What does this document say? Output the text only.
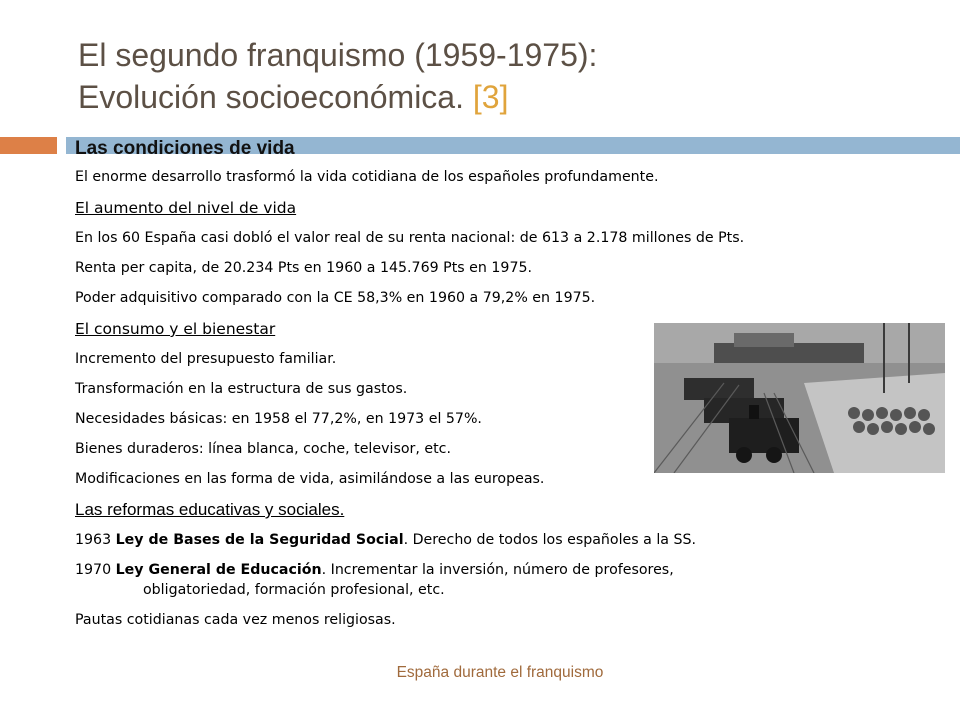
El segundo franquismo (1959-1975):
Evolución socioeconómica. [3]
Las condiciones de vida
El enorme desarrollo trasformó la vida cotidiana de los españoles profundamente.
El aumento del nivel de vida
En los 60 España casi dobló el valor real de su renta nacional: de 613 a 2.178 millones de Pts.
Renta per capita, de 20.234 Pts en 1960 a 145.769 Pts en 1975.
Poder adquisitivo comparado con la CE 58,3% en 1960 a 79,2% en 1975.
El consumo y el bienestar
Incremento del presupuesto familiar.
Transformación en la estructura de sus gastos.
Necesidades básicas: en 1958 el 77,2%, en 1973 el 57%.
Bienes duraderos: línea blanca, coche, televisor, etc.
Modificaciones en las forma de vida, asimilándose a las europeas.
Las reformas educativas y sociales.
1963 Ley de Bases de la Seguridad Social. Derecho de todos los españoles a la SS.
1970 Ley General de Educación. Incrementar la inversión, número de profesores,
obligatoriedad, formación profesional, etc.
Pautas cotidianas cada vez menos religiosas.
España durante el franquismo
